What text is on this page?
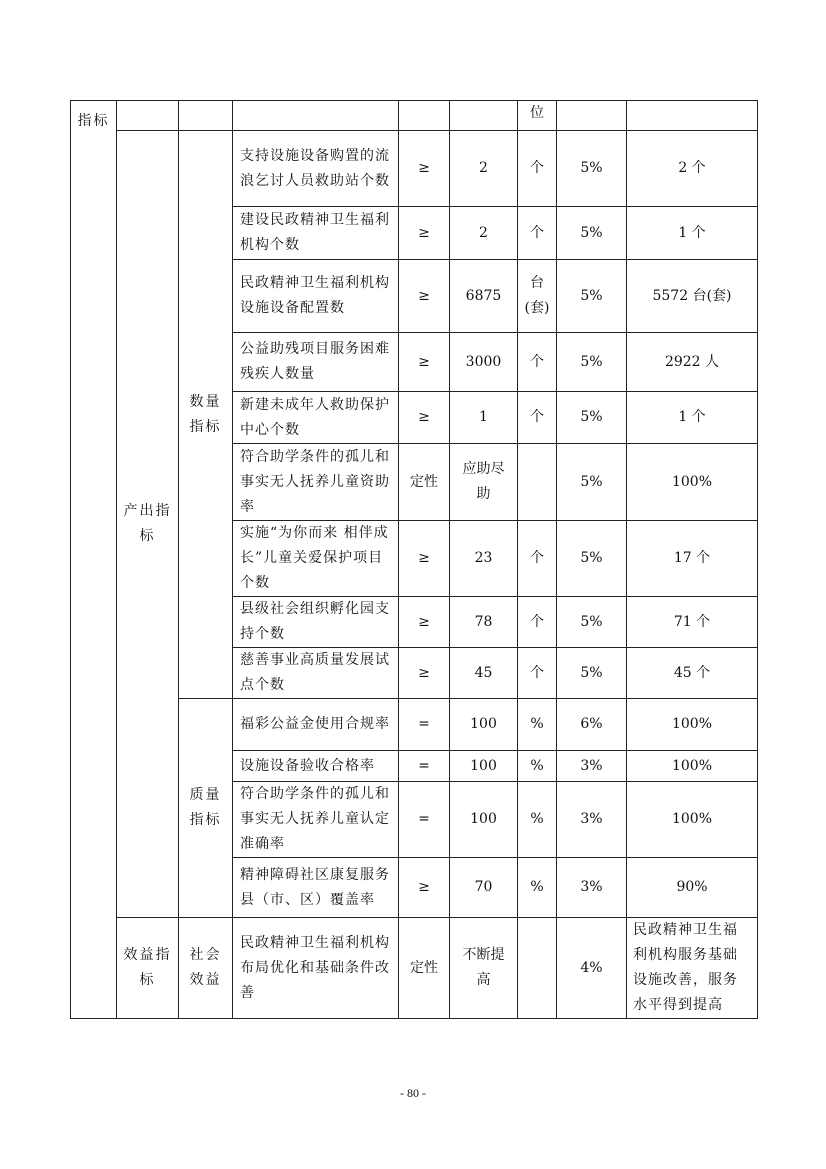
指标						位		
	产出指标	数量指标	支持设施设备购置的流浪乞讨人员救助站个数	≥	2	个	5%	2 个
			建设民政精神卫生福利机构个数	≥	2	个	5%	1 个
			民政精神卫生福利机构设施设备配置数	≥	6875	台(套)	5%	5572 台(套)
			公益助残项目服务困难残疾人数量	≥	3000	个	5%	2922 人
			新建未成年人救助保护中心个数	≥	1	个	5%	1 个
			符合助学条件的孤儿和事实无人抚养儿童资助率	定性	应助尽助		5%	100%
			实施“为你而来 相伴成长”儿童关爱保护项目个数	≥	23	个	5%	17 个
			县级社会组织孵化园支持个数	≥	78	个	5%	71 个
			慈善事业高质量发展试点个数	≥	45	个	5%	45 个
		质量指标	福彩公益金使用合规率	=	100	%	6%	100%
			设施设备验收合格率	=	100	%	3%	100%
			符合助学条件的孤儿和事实无人抚养儿童认定准确率	=	100	%	3%	100%
			精神障碍社区康复服务县（市、区）覆盖率	≥	70	%	3%	90%
	效益指标	社会效益	民政精神卫生福利机构布局优化和基础条件改善	定性	不断提高		4%	民政精神卫生福利机构服务基础设施改善，服务水平得到提高
- 80 -
